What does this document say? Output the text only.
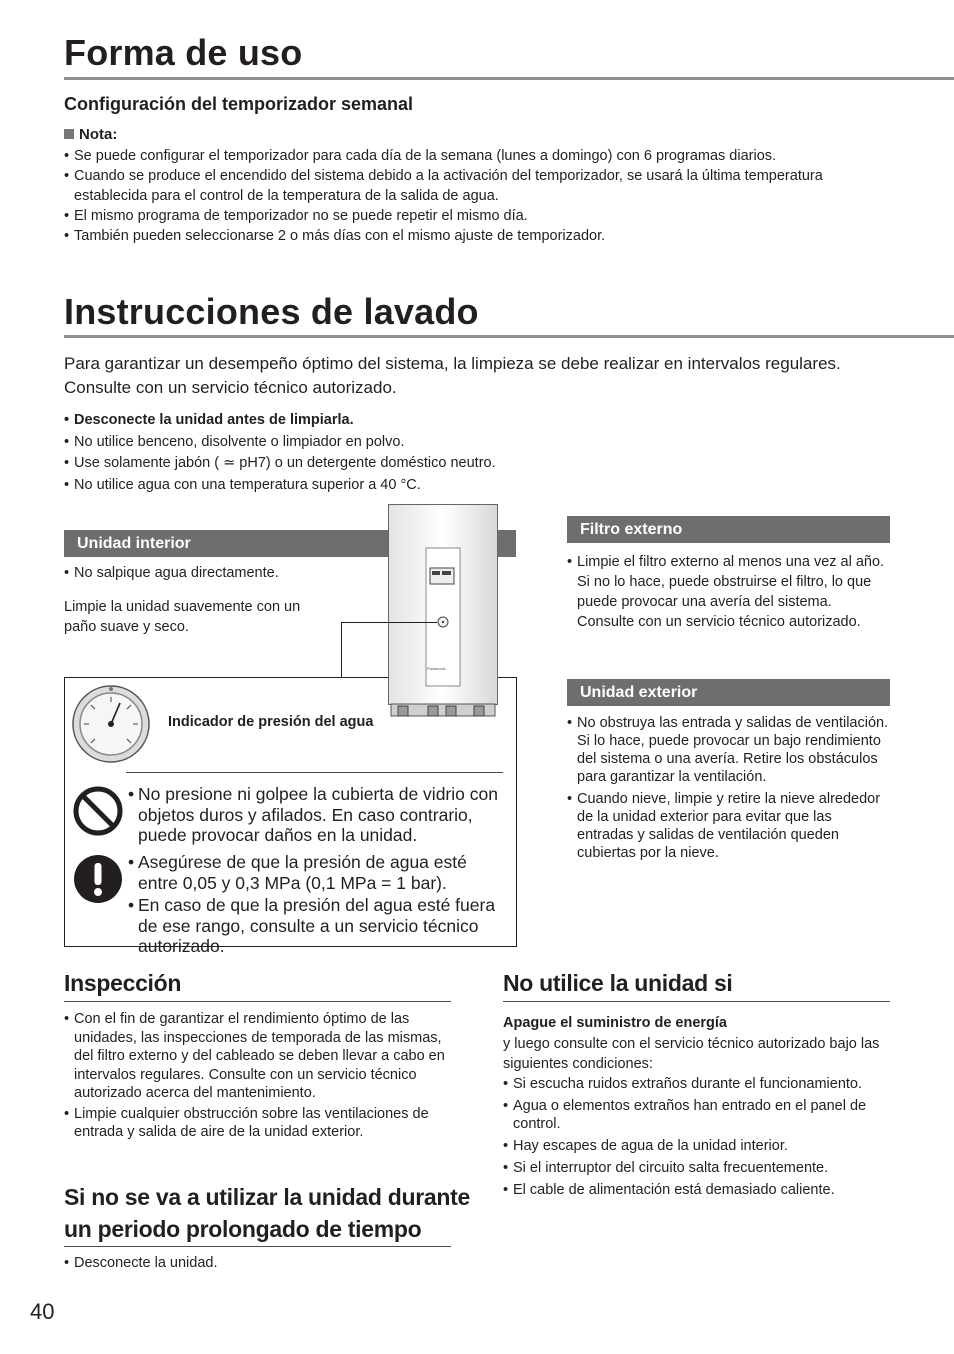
Forma de uso
Configuración del temporizador semanal
Nota:
• Se puede configurar el temporizador para cada día de la semana (lunes a domingo) con 6 programas diarios.
• Cuando se produce el encendido del sistema debido a la activación del temporizador, se usará la última temperatura establecida para el control de la temperatura de la salida de agua.
• El mismo programa de temporizador no se puede repetir el mismo día.
• También pueden seleccionarse 2 o más días con el mismo ajuste de temporizador.
Instrucciones de lavado
Para garantizar un desempeño óptimo del sistema, la limpieza se debe realizar en intervalos regulares. Consulte con un servicio técnico autorizado.
• Desconecte la unidad antes de limpiarla.
• No utilice benceno, disolvente o limpiador en polvo.
• Use solamente jabón ( ≃ pH7) o un detergente doméstico neutro.
• No utilice agua con una temperatura superior a 40 °C.
Unidad interior
• No salpique agua directamente.
Limpie la unidad suavemente con un paño suave y seco.
Indicador de presión del agua
• No presione ni golpee la cubierta de vidrio con objetos duros y afilados. En caso contrario, puede provocar daños en la unidad.
• Asegúrese de que la presión de agua esté entre 0,05 y 0,3 MPa (0,1 MPa = 1 bar).
• En caso de que la presión del agua esté fuera de ese rango, consulte a un servicio técnico autorizado.
Panasonic
Filtro externo
• Limpie el filtro externo al menos una vez al año. Si no lo hace, puede obstruirse el filtro, lo que puede provocar una avería del sistema. Consulte con un servicio técnico autorizado.
Unidad exterior
• No obstruya las entrada y salidas de ventilación. Si lo hace, puede provocar un bajo rendimiento del sistema o una avería. Retire los obstáculos para garantizar la ventilación.
• Cuando nieve, limpie y retire la nieve alrededor de la unidad exterior para evitar que las entradas y salidas de ventilación queden cubiertas por la nieve.
Inspección
• Con el fin de garantizar el rendimiento óptimo de las unidades, las inspecciones de temporada de las mismas, del filtro externo y del cableado se deben llevar a cabo en intervalos regulares. Consulte con un servicio técnico autorizado acerca del mantenimiento.
• Limpie cualquier obstrucción sobre las ventilaciones de entrada y salida de aire de la unidad exterior.
Si no se va a utilizar la unidad durante
un periodo prolongado de tiempo
• Desconecte la unidad.
No utilice la unidad si
Apague el suministro de energía
y luego consulte con el servicio técnico autorizado bajo las siguientes condiciones:
• Si escucha ruidos extraños durante el funcionamiento.
• Agua o elementos extraños han entrado en el panel de control.
• Hay escapes de agua de la unidad interior.
• Si el interruptor del circuito salta frecuentemente.
• El cable de alimentación está demasiado caliente.
40
